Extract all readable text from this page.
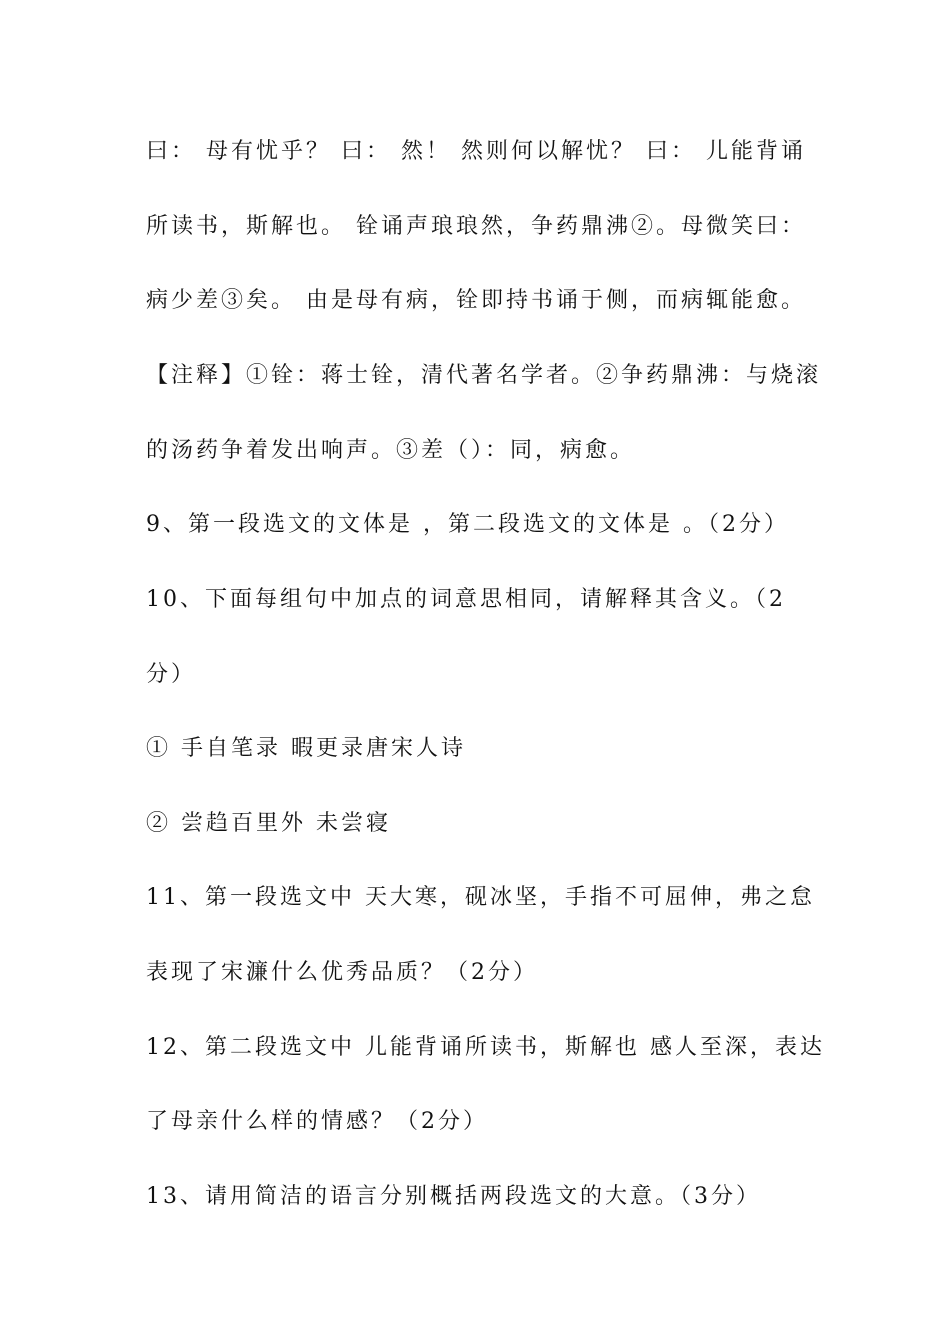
曰： 母有忧乎？ 曰： 然！ 然则何以解忧？ 曰： 儿能背诵
所读书，斯解也。 铨诵声琅琅然，争药鼎沸②。母微笑曰：
病少差③矣。 由是母有病，铨即持书诵于侧，而病辄能愈。
【注释】①铨：蒋士铨，清代著名学者。②争药鼎沸：与烧滚
的汤药争着发出响声。③差（）：同，病愈。
9、第一段选文的文体是 ，第二段选文的文体是 。（2分）
10、下面每组句中加点的词意思相同，请解释其含义。（2
分）
① 手自笔录 暇更录唐宋人诗
② 尝趋百里外 未尝寝
11、第一段选文中 天大寒，砚冰坚，手指不可屈伸，弗之怠
表现了宋濂什么优秀品质？（2分）
12、第二段选文中 儿能背诵所读书，斯解也 感人至深，表达
了母亲什么样的情感？（2分）
13、请用简洁的语言分别概括两段选文的大意。（3分）
